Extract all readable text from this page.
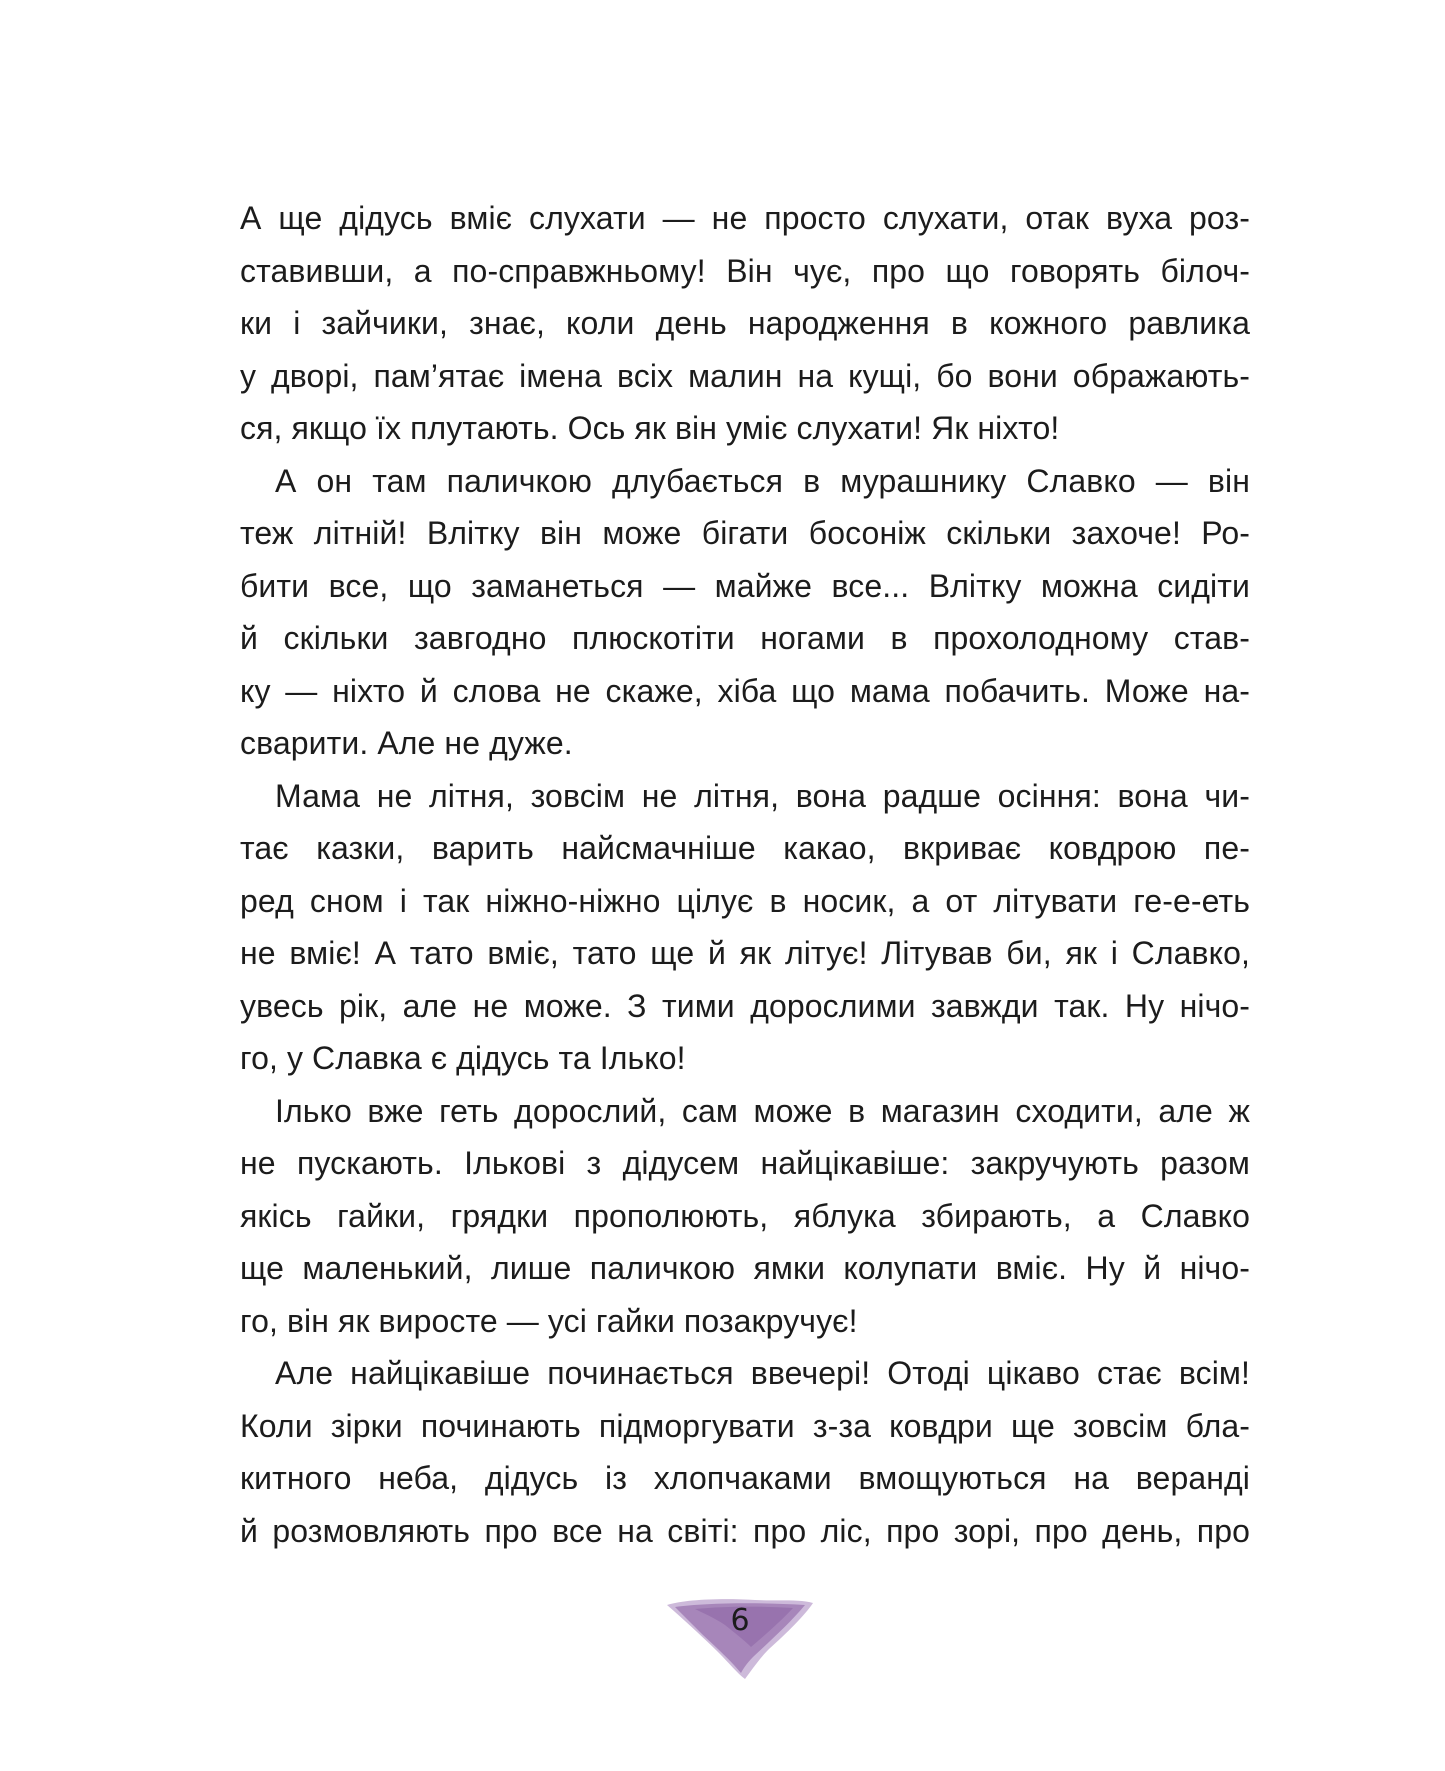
А ще дідусь вміє слухати — не просто слухати, отак вуха роз-
ставивши, а по-справжньому! Він чує, про що говорять білоч-
ки і зайчики, знає, коли день народження в кожного равлика
у дворі, пам’ятає імена всіх малин на кущі, бо вони ображають-
ся, якщо їх плутають. Ось як він уміє слухати! Як ніхто!
А он там паличкою длубається в мурашнику Славко — він
теж літній! Влітку він може бігати босоніж скільки захоче! Ро-
бити все, що заманеться — майже все... Влітку можна сидіти
й скільки завгодно плюскотіти ногами в прохолодному став-
ку — ніхто й слова не скаже, хіба що мама побачить. Може на-
сварити. Але не дуже.
Мама не літня, зовсім не літня, вона радше осіння: вона чи-
тає казки, варить найсмачніше какао, вкриває ковдрою пе-
ред сном і так ніжно-ніжно цілує в носик, а от літувати ге-е-еть
не вміє! А тато вміє, тато ще й як літує! Літував би, як і Славко,
увесь рік, але не може. З тими дорослими завжди так. Ну нічо-
го, у Славка є дідусь та Ілько!
Ілько вже геть дорослий, сам може в магазин сходити, але ж
не пускають. Ількові з дідусем найцікавіше: закручують разом
якісь гайки, грядки прополюють, яблука збирають, а Славко
ще маленький, лише паличкою ямки колупати вміє. Ну й нічо-
го, він як виросте — усі гайки позакручує!
Але найцікавіше починається ввечері! Отоді цікаво стає всім!
Коли зірки починають підморгувати з-за ковдри ще зовсім бла-
китного неба, дідусь із хлопчаками вмощуються на веранді
й розмовляють про все на світі: про ліс, про зорі, про день, про
6
